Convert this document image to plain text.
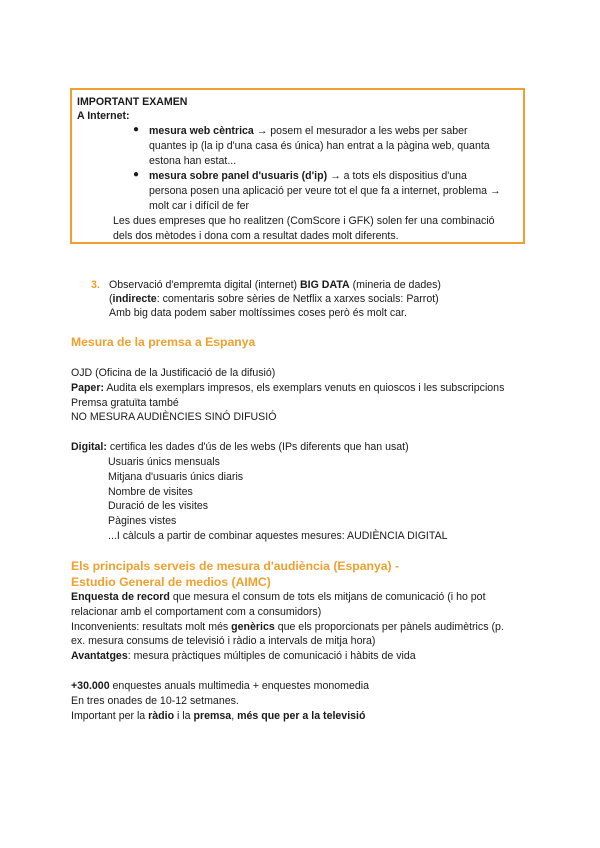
IMPORTANT EXAMEN
A Internet:
● mesura web cèntrica → posem el mesurador a les webs per saber
quantes ip (la ip d'una casa és única) han entrat a la pàgina web, quanta
estona han estat...
● mesura sobre panel d'usuaris (d'ip) → a tots els dispositius d'una
persona posen una aplicació per veure tot el que fa a internet, problema →
molt car i difícil de fer
Les dues empreses que ho realitzen (ComScore i GFK) solen fer una combinació
dels dos mètodes i dona com a resultat dades molt diferents.
3. Observació d'empremta digital (internet) BIG DATA (mineria de dades)
(indirecte: comentaris sobre sèries de Netflix a xarxes socials: Parrot)
Amb big data podem saber moltíssimes coses però és molt car.
Mesura de la premsa a Espanya
OJD (Oficina de la Justificació de la difusió)
Paper: Audita els exemplars impresos, els exemplars venuts en quioscos i les subscripcions
Premsa gratuïta també
NO MESURA AUDIÈNCIES SINÓ DIFUSIÓ
Digital: certifica les dades d'ús de les webs (IPs diferents que han usat)
Usuaris únics mensuals
Mitjana d'usuaris únics diaris
Nombre de visites
Duració de les visites
Pàgines vistes
...I càlculs a partir de combinar aquestes mesures: AUDIÈNCIA DIGITAL
Els principals serveis de mesura d'audiència (Espanya) -
Estudio General de medios (AIMC)
Enquesta de record que mesura el consum de tots els mitjans de comunicació (i ho pot
relacionar amb el comportament com a consumidors)
Inconvenients: resultats molt més genèrics que els proporcionats per pànels audimètrics (p.
ex. mesura consums de televisió i ràdio a intervals de mitja hora)
Avantatges: mesura pràctiques múltiples de comunicació i hàbits de vida
+30.000 enquestes anuals multimedia + enquestes monomedia
En tres onades de 10-12 setmanes.
Important per la ràdio i la premsa, més que per a la televisió
